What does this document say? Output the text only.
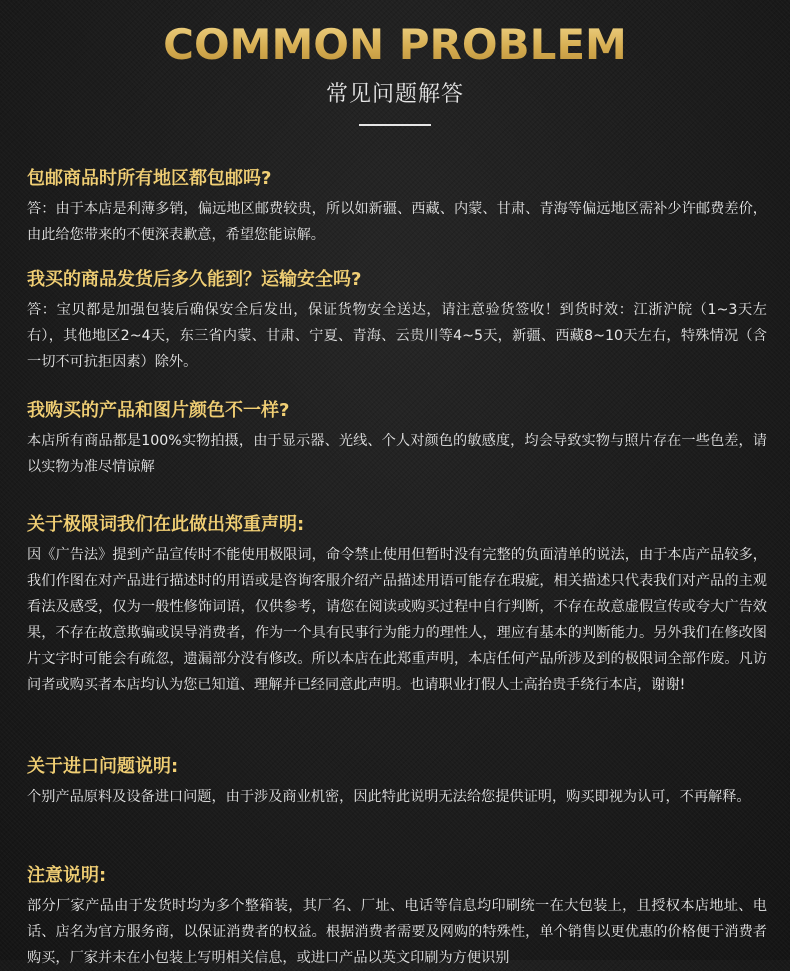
COMMON PROBLEM
常见问题解答

包邮商品时所有地区都包邮吗?

答：由于本店是利薄多销，偏远地区邮费较贵，所以如新疆、西藏、内蒙、甘肃、青海等偏远地区需补少许邮费差价，由此给您带来的不便深表歉意，希望您能谅解。

我买的商品发货后多久能到？运输安全吗?

答：宝贝都是加强包装后确保安全后发出，保证货物安全送达，请注意验货签收！到货时效：江浙沪皖（1~3天左右），其他地区2~4天，东三省内蒙、甘肃、宁夏、青海、云贵川等4~5天，新疆、西藏8~10天左右，特殊情况（含一切不可抗拒因素）除外。

我购买的产品和图片颜色不一样?

本店所有商品都是100%实物拍摄，由于显示器、光线、个人对颜色的敏感度，均会导致实物与照片存在一些色差，请以实物为准尽情谅解

关于极限词我们在此做出郑重声明:

因《广告法》提到产品宣传时不能使用极限词，命令禁止使用但暂时没有完整的负面清单的说法，由于本店产品较多，我们作图在对产品进行描述时的用语或是咨询客服介绍产品描述用语可能存在瑕疵，相关描述只代表我们对产品的主观看法及感受，仅为一般性修饰词语，仅供参考，请您在阅读或购买过程中自行判断，不存在故意虚假宣传或夸大广告效果，不存在故意欺骗或误导消费者，作为一个具有民事行为能力的理性人，理应有基本的判断能力。另外我们在修改图片文字时可能会有疏忽，遗漏部分没有修改。所以本店在此郑重声明，本店任何产品所涉及到的极限词全部作废。凡访问者或购买者本店均认为您已知道、理解并已经同意此声明。也请职业打假人士高抬贵手绕行本店，谢谢!

关于进口问题说明:

个别产品原料及设备进口问题，由于涉及商业机密，因此特此说明无法给您提供证明，购买即视为认可，不再解释。

注意说明:

部分厂家产品由于发货时均为多个整箱装，其厂名、厂址、电话等信息均印刷统一在大包装上，且授权本店地址、电话、店名为官方服务商，以保证消费者的权益。根据消费者需要及网购的特殊性，单个销售以更优惠的价格便于消费者购买，厂家并未在小包装上写明相关信息，或进口产品以英文印刷为方便识别
